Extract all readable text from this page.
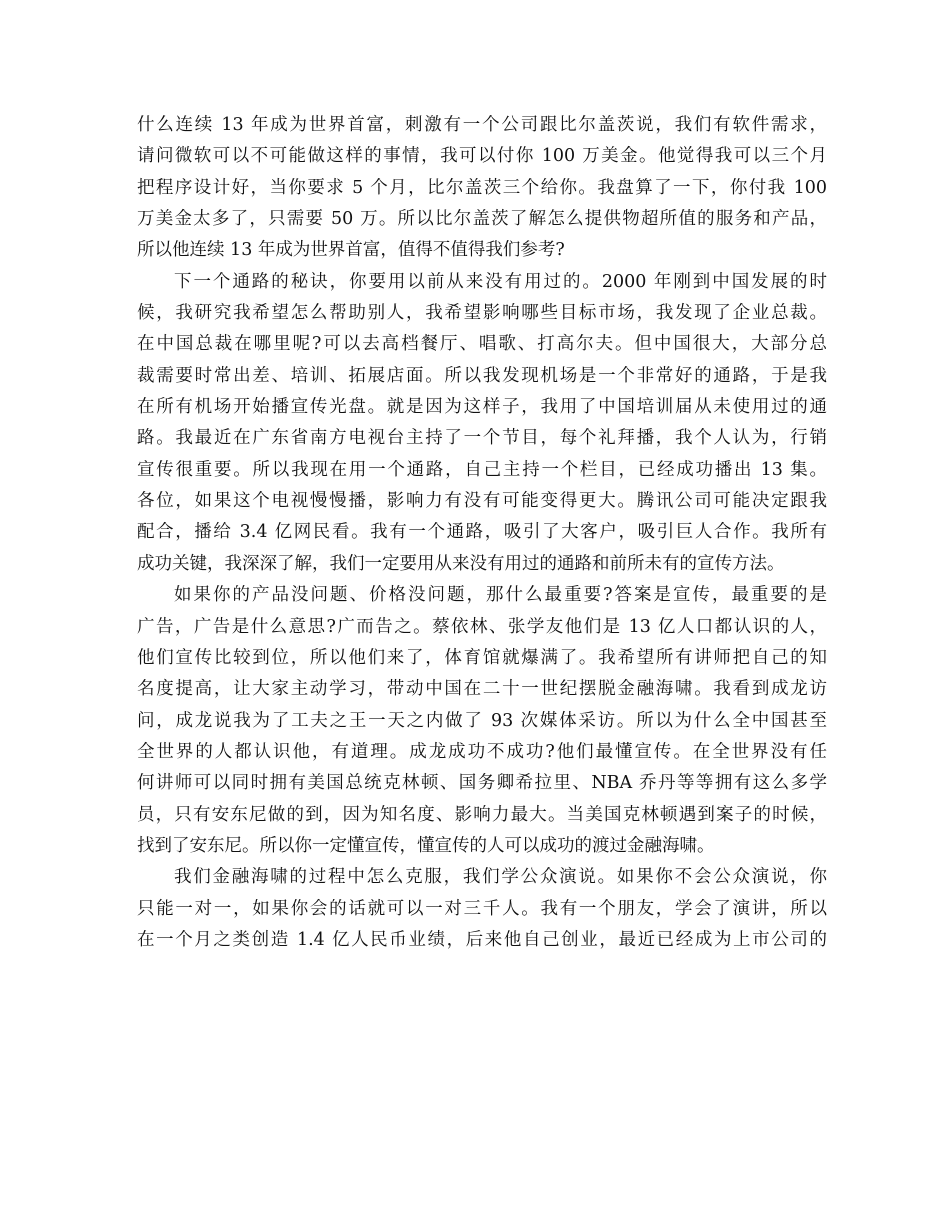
什么连续 13 年成为世界首富，刺激有一个公司跟比尔盖茨说，我们有软件需求，
请问微软可以不可能做这样的事情，我可以付你 100 万美金。他觉得我可以三个月
把程序设计好，当你要求 5 个月，比尔盖茨三个给你。我盘算了一下，你付我 100
万美金太多了，只需要 50 万。所以比尔盖茨了解怎么提供物超所值的服务和产品，
所以他连续 13 年成为世界首富，值得不值得我们参考?
下一个通路的秘诀，你要用以前从来没有用过的。2000 年刚到中国发展的时
候，我研究我希望怎么帮助别人，我希望影响哪些目标市场，我发现了企业总裁。
在中国总裁在哪里呢?可以去高档餐厅、唱歌、打高尔夫。但中国很大，大部分总
裁需要时常出差、培训、拓展店面。所以我发现机场是一个非常好的通路，于是我
在所有机场开始播宣传光盘。就是因为这样子，我用了中国培训届从未使用过的通
路。我最近在广东省南方电视台主持了一个节目，每个礼拜播，我个人认为，行销
宣传很重要。所以我现在用一个通路，自己主持一个栏目，已经成功播出 13 集。
各位，如果这个电视慢慢播，影响力有没有可能变得更大。腾讯公司可能决定跟我
配合，播给 3.4 亿网民看。我有一个通路，吸引了大客户，吸引巨人合作。我所有
成功关键，我深深了解，我们一定要用从来没有用过的通路和前所未有的宣传方法。
如果你的产品没问题、价格没问题，那什么最重要?答案是宣传，最重要的是
广告，广告是什么意思?广而告之。蔡依林、张学友他们是 13 亿人口都认识的人，
他们宣传比较到位，所以他们来了，体育馆就爆满了。我希望所有讲师把自己的知
名度提高，让大家主动学习，带动中国在二十一世纪摆脱金融海啸。我看到成龙访
问，成龙说我为了工夫之王一天之内做了 93 次媒体采访。所以为什么全中国甚至
全世界的人都认识他，有道理。成龙成功不成功?他们最懂宣传。在全世界没有任
何讲师可以同时拥有美国总统克林顿、国务卿希拉里、NBA 乔丹等等拥有这么多学
员，只有安东尼做的到，因为知名度、影响力最大。当美国克林顿遇到案子的时候，
找到了安东尼。所以你一定懂宣传，懂宣传的人可以成功的渡过金融海啸。
我们金融海啸的过程中怎么克服，我们学公众演说。如果你不会公众演说，你
只能一对一，如果你会的话就可以一对三千人。我有一个朋友，学会了演讲，所以
在一个月之类创造 1.4 亿人民币业绩，后来他自己创业，最近已经成为上市公司的
